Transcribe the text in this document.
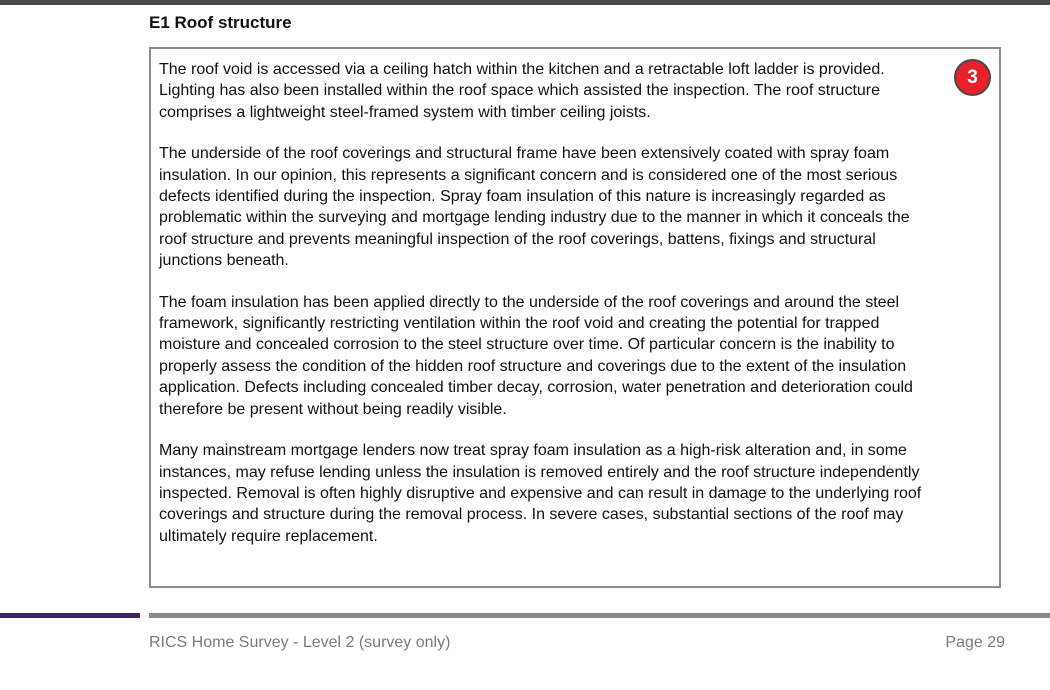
E1 Roof structure
3

The roof void is accessed via a ceiling hatch within the kitchen and a retractable loft ladder is provided. Lighting has also been installed within the roof space which assisted the inspection. The roof structure comprises a lightweight steel-framed system with timber ceiling joists.

The underside of the roof coverings and structural frame have been extensively coated with spray foam insulation. In our opinion, this represents a significant concern and is considered one of the most serious defects identified during the inspection. Spray foam insulation of this nature is increasingly regarded as problematic within the surveying and mortgage lending industry due to the manner in which it conceals the roof structure and prevents meaningful inspection of the roof coverings, battens, fixings and structural junctions beneath.

The foam insulation has been applied directly to the underside of the roof coverings and around the steel framework, significantly restricting ventilation within the roof void and creating the potential for trapped moisture and concealed corrosion to the steel structure over time. Of particular concern is the inability to properly assess the condition of the hidden roof structure and coverings due to the extent of the insulation application. Defects including concealed timber decay, corrosion, water penetration and deterioration could therefore be present without being readily visible.

Many mainstream mortgage lenders now treat spray foam insulation as a high-risk alteration and, in some instances, may refuse lending unless the insulation is removed entirely and the roof structure independently inspected. Removal is often highly disruptive and expensive and can result in damage to the underlying roof coverings and structure during the removal process. In severe cases, substantial sections of the roof may ultimately require replacement.

RICS Home Survey - Level 2 (survey only)	Page 29
